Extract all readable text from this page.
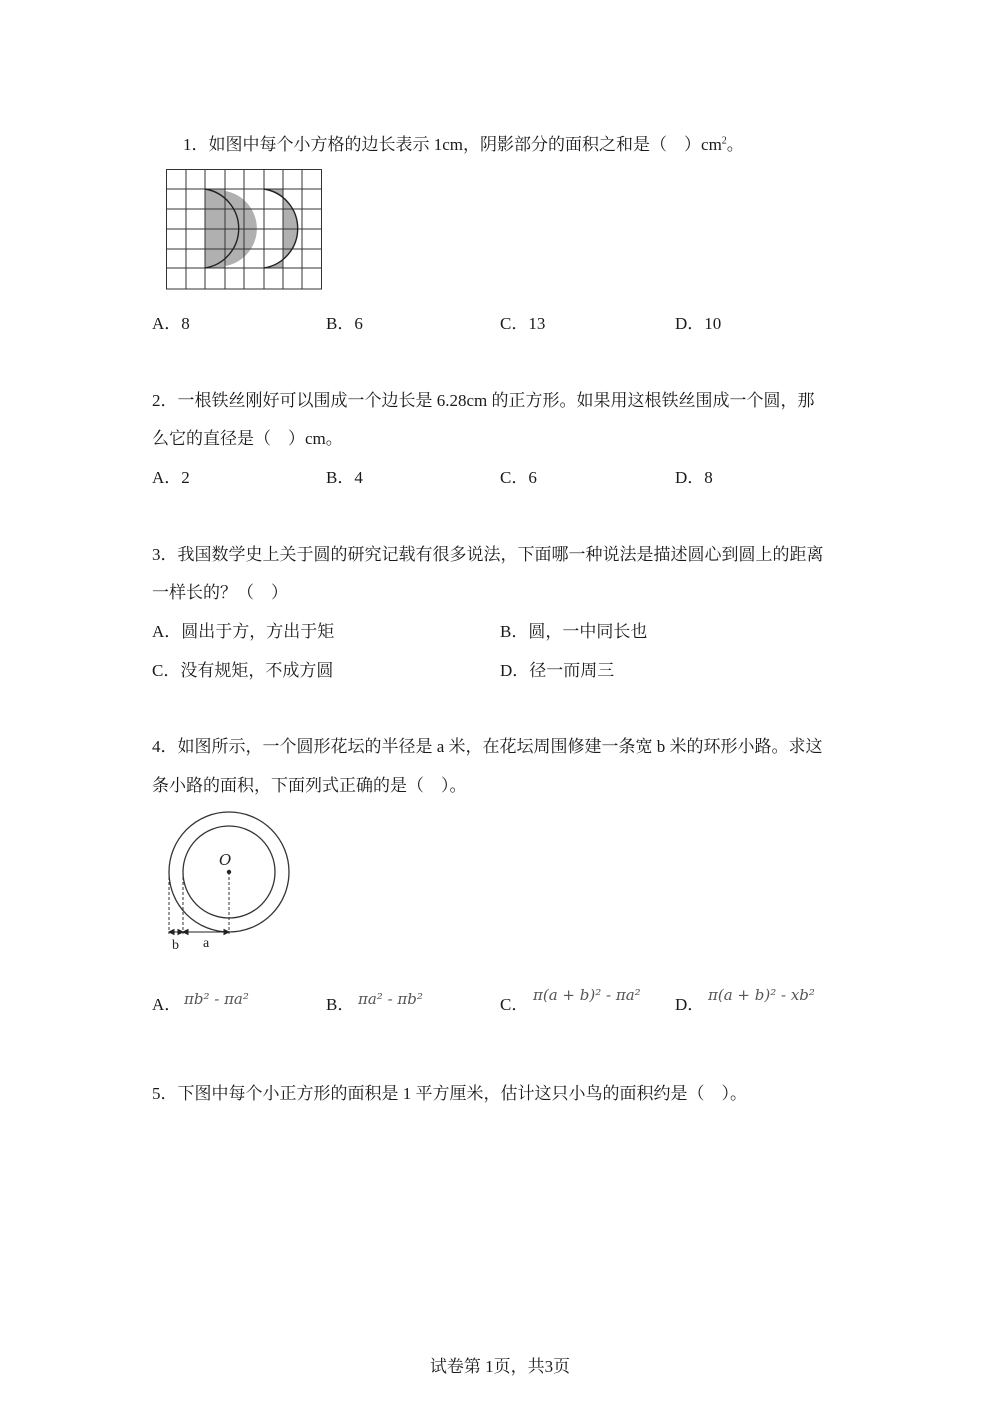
1．如图中每个小方格的边长表示 1cm，阴影部分的面积之和是（　）$cm^2$。
A．8	B．6	C．13	D．10
2．一根铁丝刚好可以围成一个边长是 6.28cm 的正方形。如果用这根铁丝围成一个圆，那
么它的直径是（　）cm。
A．2	B．4	C．6	D．8
3．我国数学史上关于圆的研究记载有很多说法，下面哪一种说法是描述圆心到圆上的距离
一样长的？（　）
A．圆出于方，方出于矩	B．圆，一中同长也
C．没有规矩，不成方圆	D．径一而周三
4．如图所示，一个圆形花坛的半径是 a 米，在花坛周围修建一条宽 b 米的环形小路。求这
条小路的面积，下面列式正确的是（　）。
O
b a
A． πb² - πa²	B． πa² - πb²	C． π(a + b)² - πa² D． π(a + b)² - xb²
5．下图中每个小正方形的面积是 1 平方厘米，估计这只小鸟的面积约是（　）。
试卷第 1页，共3页
